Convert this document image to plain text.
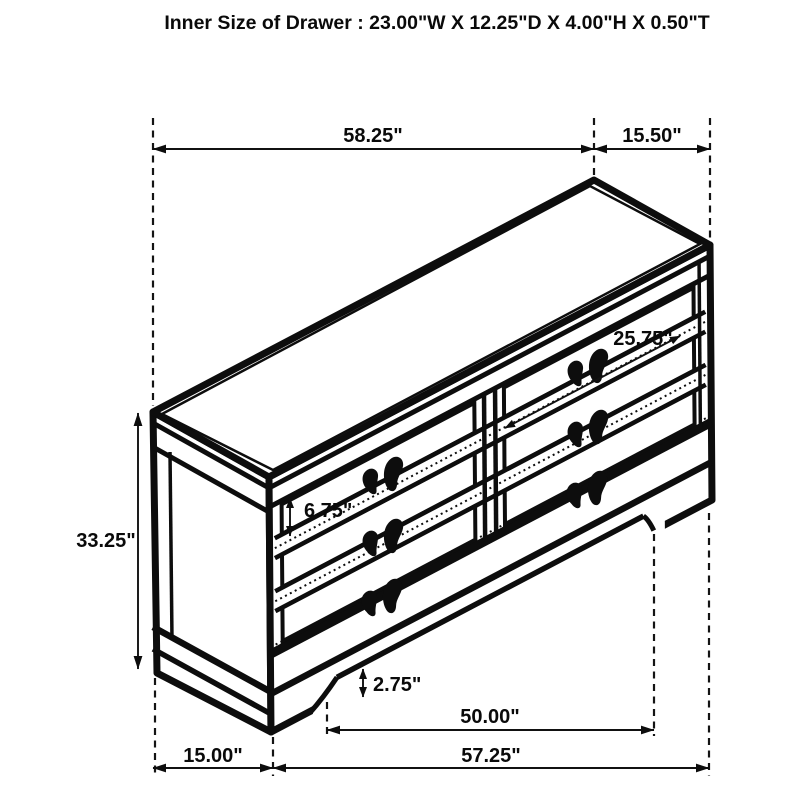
58.25"	15.50"
25.75"
6.75"
33.25"
2.75"
50.00"
57.25"
15.00"
Inner Size of Drawer : 23.00"W X 12.25"D X 4.00"H X 0.50"T
